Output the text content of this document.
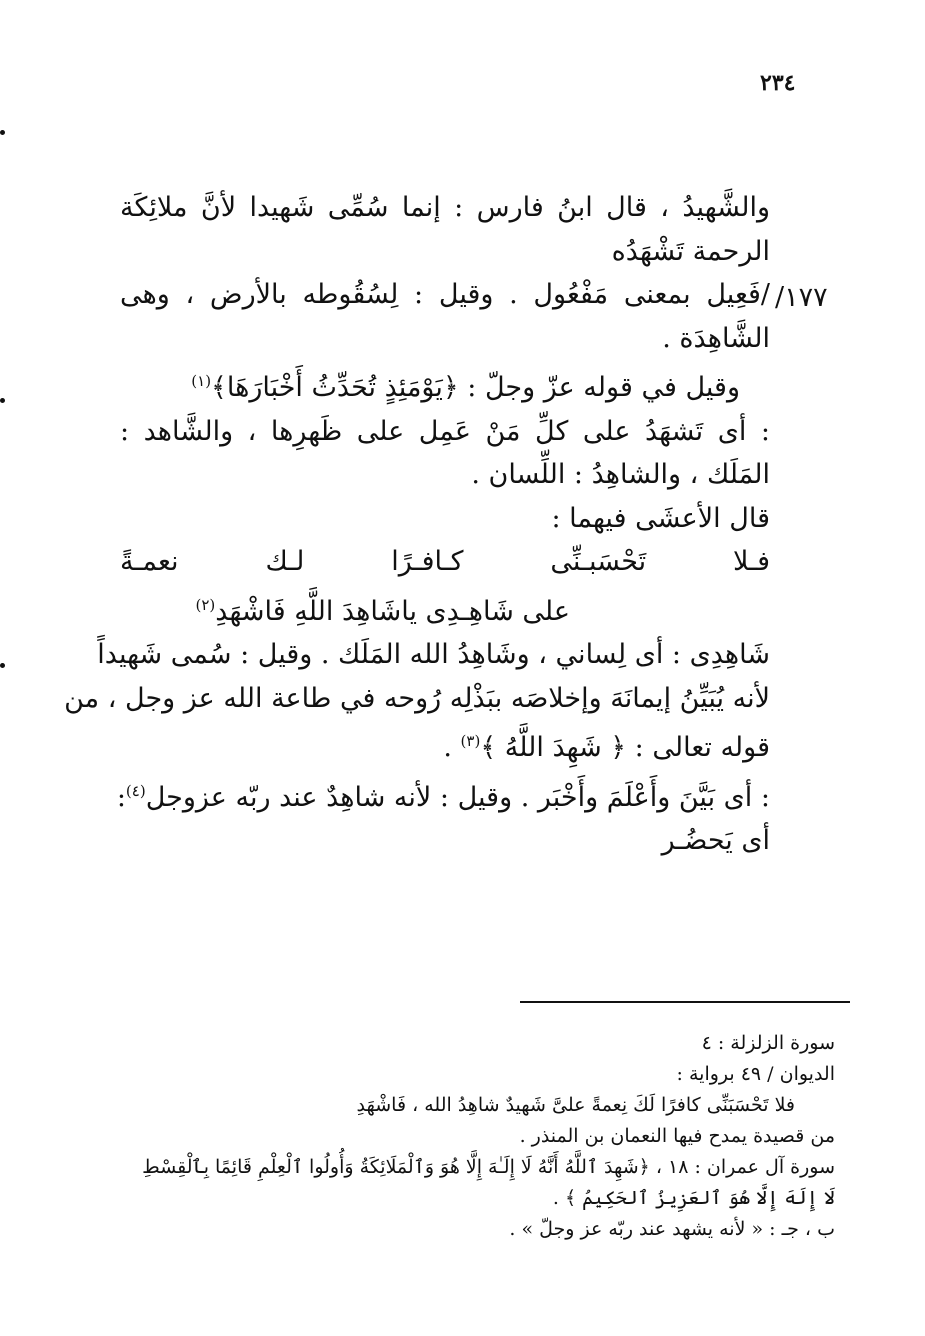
٢٣٤
١٧٧/
والشَّهيدُ ، قال ابنُ فارس : إنما سُمِّى شَهيدا لأنَّ ملائِكَة
الرحمة تَشْهَدُه
/فَعِيل بمعنى مَفْعُول . وقيل : لِسُقُوطه بالأرض ، وهى
الشَّاهِدَة .
وقيل في قوله عزّ وجلّ : ﴿يَوْمَئِذٍ تُحَدِّثُ أَخْبَارَهَا﴾$^{(١)}$
: أى تَشهَدُ على كلِّ مَنْ عَمِل على ظَهرِها ، والشَّاهد :
المَلَك ، والشاهِدُ : اللِّسان .
قال الأعشَى فيهما :
فـلا تَحْسَبـنِّى كـافـرًا لـك نعمـةً
على شَاهِـدِى ياشَاهِدَ اللَّهِ فَاشْهَدِ$^{(٢)}$
شَاهِدِى : أى لِساني ، وشَاهِدُ الله المَلَك . وقيل : سُمى شَهيداً
لأنه يُبَيِّنُ إيمانَهَ وإخلاصَه ببَذْلِه رُوحه في طاعة الله عز وجل ، من
قوله تعالى : ﴿ شَهِدَ اللَّهُ ﴾$^{(٣)}$ .
: أى بَيَّنَ وأَعْلَمَ وأَخْبَر . وقيل : لأنه شاهِدٌ عند ربّه عزوجل$^{(٤)}$:
أى يَحضُـر
سورة الزلزلة : ٤
الديوان / ٤٩ برواية :
فلا تَحْسَبَنِّى كافرًا لَكَ نِعمةً علىَّ شَهيدٌ شاهِدُ الله ، فَاشْهَدِ
من قصيدة يمدح فيها النعمان بن المنذر .
سورة آل عمران : ١٨ ، ﴿شَهِدَ ٱللَّهُ أَنَّهُ لَا إِلَـٰهَ إِلَّا هُوَ وَٱلْمَلَائِكَةُ وَأُولُوا ٱلْعِلْمِ قَائِمًا بِٱلْقِسْطِ
لَا إِلَهَ إِلَّا هُوَ ٱلعَزِيزُ ٱلحَكِيمُ ﴾ .
ب ، جـ : « لأنه يشهد عند ربّه عز وجلّ » .
